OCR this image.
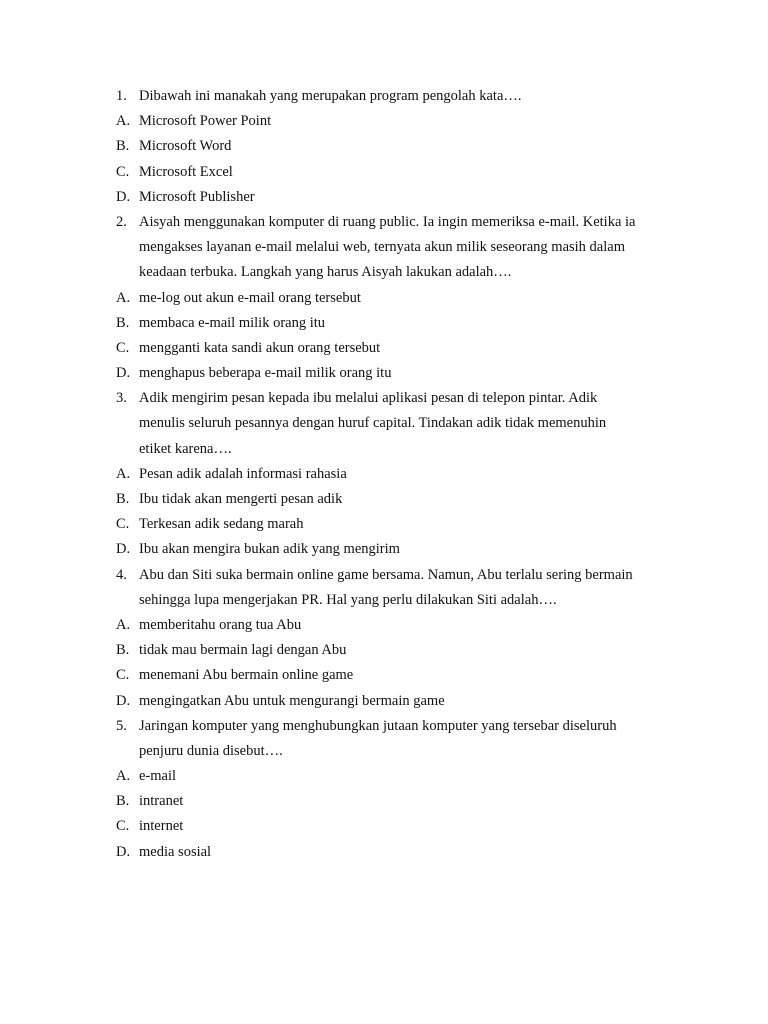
1. Dibawah ini manakah yang merupakan program pengolah kata….
A. Microsoft Power Point
B. Microsoft Word
C. Microsoft Excel
D. Microsoft Publisher
2. Aisyah menggunakan komputer di ruang public. Ia ingin memeriksa e-mail. Ketika ia
mengakses layanan e-mail melalui web, ternyata akun milik seseorang masih dalam
keadaan terbuka. Langkah yang harus Aisyah lakukan adalah….
A. me-log out akun e-mail orang tersebut
B. membaca e-mail milik orang itu
C. mengganti kata sandi akun orang tersebut
D. menghapus beberapa e-mail milik orang itu
3. Adik mengirim pesan kepada ibu melalui aplikasi pesan di telepon pintar. Adik
menulis seluruh pesannya dengan huruf capital. Tindakan adik tidak memenuhin
etiket karena….
A. Pesan adik adalah informasi rahasia
B. Ibu tidak akan mengerti pesan adik
C. Terkesan adik sedang marah
D. Ibu akan mengira bukan adik yang mengirim
4. Abu dan Siti suka bermain online game bersama. Namun, Abu terlalu sering bermain
sehingga lupa mengerjakan PR. Hal yang perlu dilakukan Siti adalah….
A. memberitahu orang tua Abu
B. tidak mau bermain lagi dengan Abu
C. menemani Abu bermain online game
D. mengingatkan Abu untuk mengurangi bermain game
5. Jaringan komputer yang menghubungkan jutaan komputer yang tersebar diseluruh
penjuru dunia disebut….
A. e-mail
B. intranet
C. internet
D. media sosial
